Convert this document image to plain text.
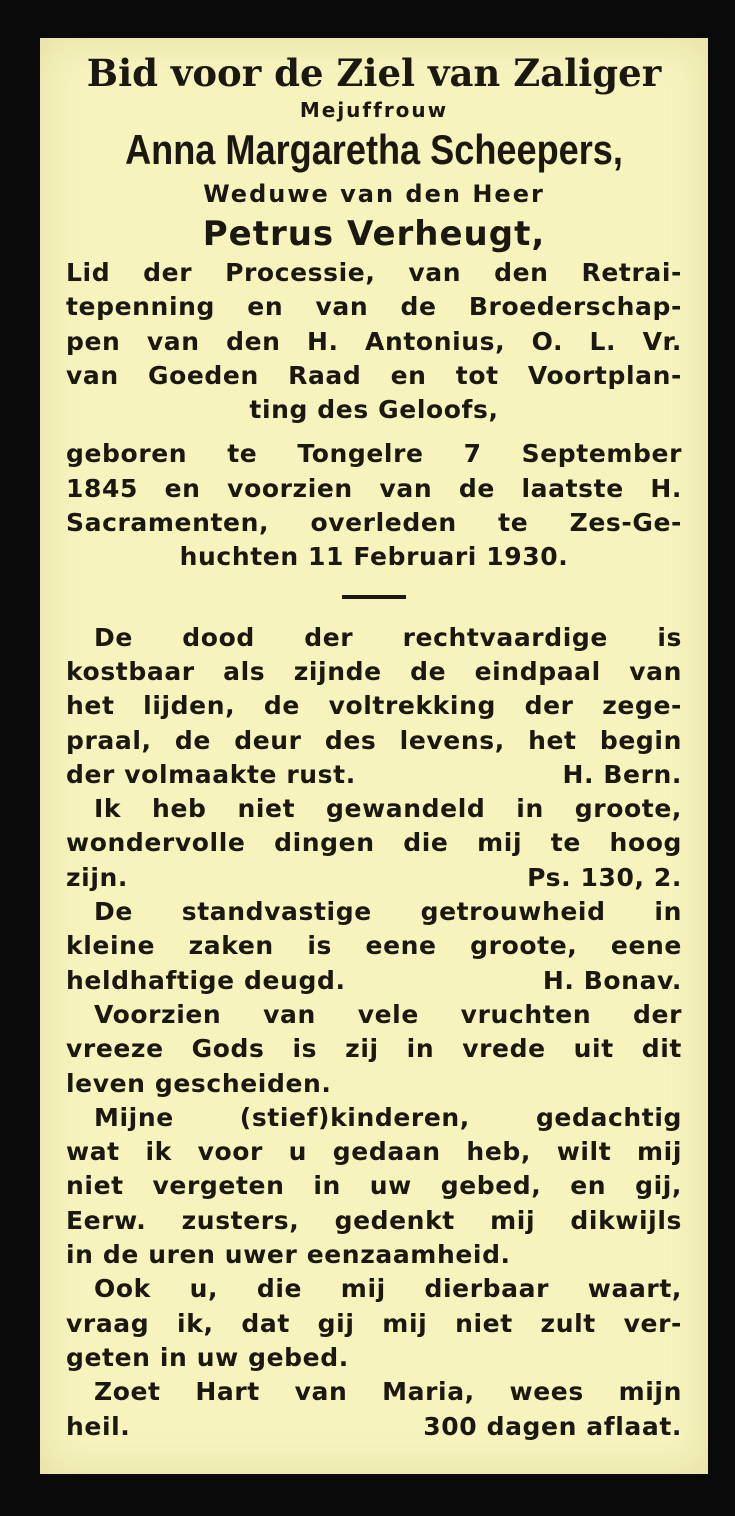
Bid voor de Ziel van Zaliger
Mejuffrouw
Anna Margaretha Scheepers,
Weduwe van den Heer
Petrus Verheugt,
Lid der Processie, van den Retrai-
tepenning en van de Broederschap-
pen van den H. Antonius, O. L. Vr.
van Goeden Raad en tot Voortplan-
ting des Geloofs,
geboren te Tongelre 7 September
1845 en voorzien van de laatste H.
Sacramenten, overleden te Zes-Ge-
huchten 11 Februari 1930.
De dood der rechtvaardige is
kostbaar als zijnde de eindpaal van
het lijden, de voltrekking der zege-
praal, de deur des levens, het begin
der volmaakte rust.	H. Bern.
Ik heb niet gewandeld in groote,
wondervolle dingen die mij te hoog
zijn.	Ps. 130, 2.
De standvastige getrouwheid in
kleine zaken is eene groote, eene
heldhaftige deugd.	H. Bonav.
Voorzien van vele vruchten der
vreeze Gods is zij in vrede uit dit
leven gescheiden.
Mijne (stief)kinderen, gedachtig
wat ik voor u gedaan heb, wilt mij
niet vergeten in uw gebed, en gij,
Eerw. zusters, gedenkt mij dikwijls
in de uren uwer eenzaamheid.
Ook u, die mij dierbaar waart,
vraag ik, dat gij mij niet zult ver-
geten in uw gebed.
Zoet Hart van Maria, wees mijn
heil.	300 dagen aflaat.
